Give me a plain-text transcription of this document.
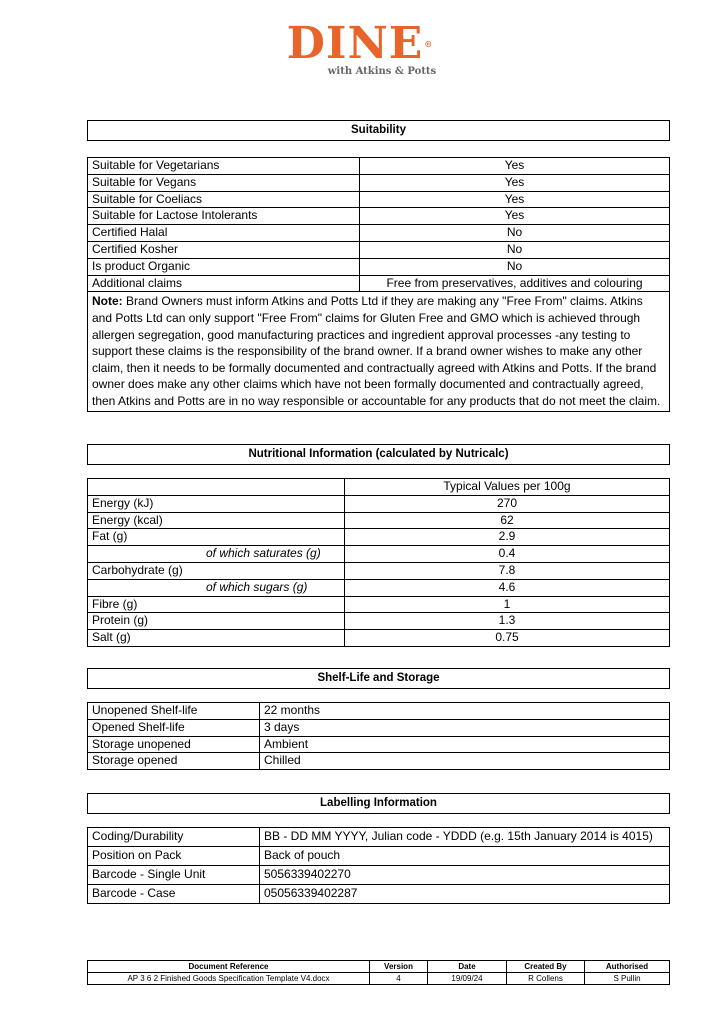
DINE®
with Atkins & Potts
Suitability
Suitable for Vegetarians	Yes
Suitable for Vegans	Yes
Suitable for Coeliacs	Yes
Suitable for Lactose Intolerants	Yes
Certified Halal	No
Certified Kosher	No
Is product Organic	No
Additional claims	Free from preservatives, additives and colouring
Note: Brand Owners must inform Atkins and Potts Ltd if they are making any "Free From" claims. Atkins and Potts Ltd can only support "Free From" claims for Gluten Free and GMO which is achieved through allergen segregation, good manufacturing practices and ingredient approval processes -any testing to support these claims is the responsibility of the brand owner. If a brand owner wishes to make any other claim, then it needs to be formally documented and contractually agreed with Atkins and Potts. If the brand owner does make any other claims which have not been formally documented and contractually agreed, then Atkins and Potts are in no way responsible or accountable for any products that do not meet the claim.	
Nutritional Information (calculated by Nutricalc)
	Typical Values per 100g
Energy (kJ)	270
Energy (kcal)	62
Fat (g)	2.9
of which saturates (g)	0.4
Carbohydrate (g)	7.8
of which sugars (g)	4.6
Fibre (g)	1
Protein (g)	1.3
Salt (g)	0.75
Shelf-Life and Storage
Unopened Shelf-life	22 months
Opened Shelf-life	3 days
Storage unopened	Ambient
Storage opened	Chilled
Labelling Information
Coding/Durability	BB - DD MM YYYY, Julian code - YDDD (e.g. 15th January 2014 is 4015)
Position on Pack	Back of pouch
Barcode - Single Unit	5056339402270
Barcode - Case	05056339402287
Document Reference	Version	Date	Created By	Authorised
AP 3 6 2 Finished Goods Specification Template V4.docx	4	19/09/24	R Collens	S Pullin
